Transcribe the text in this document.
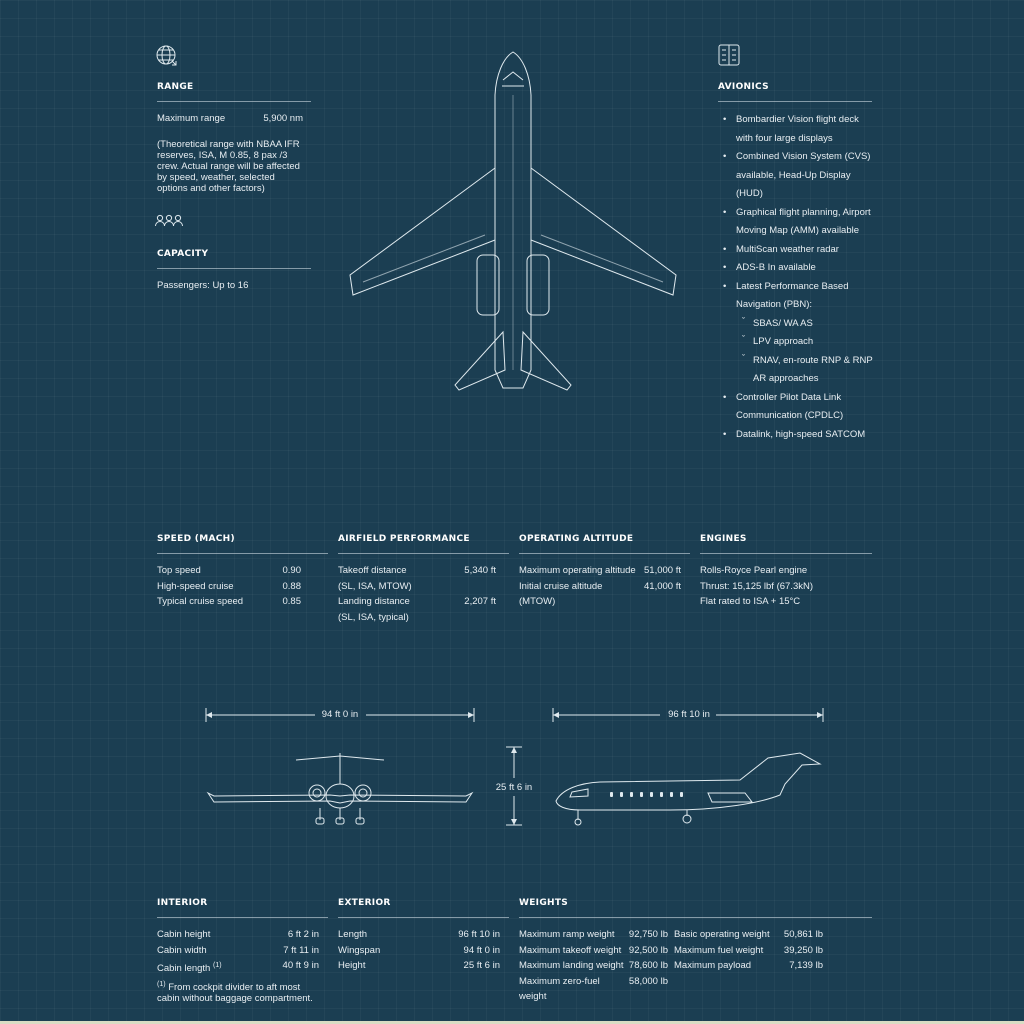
RANGE
Maximum range	5,900 nm
(Theoretical range with NBAA IFR reserves, ISA, M 0.85, 8 pax /3 crew. Actual range will be affected by speed, weather, selected options and other factors)
CAPACITY
Passengers: Up to 16
AVIONICS
• Bombardier Vision flight deck with four large displays
• Combined Vision System (CVS) available, Head-Up Display (HUD)
• Graphical flight planning, Airport Moving Map (AMM) available
• MultiScan weather radar
• ADS-B In available
• Latest Performance Based Navigation (PBN):
ˇ SBAS/ WA AS
ˇ LPV approach
ˇ RNAV, en-route RNP & RNP AR approaches
• Controller Pilot Data Link Communication (CPDLC)
• Datalink, high-speed SATCOM
SPEED (MACH)
Top speed	0.90
High-speed cruise	0.88
Typical cruise speed	0.85
AIRFIELD PERFORMANCE
Takeoff distance	5,340 ft
(SL, ISA, MTOW)
Landing distance	2,207 ft
(SL, ISA, typical)
OPERATING ALTITUDE
Maximum operating altitude 51,000 ft
Initial cruise altitude	41,000 ft
(MTOW)
ENGINES
Rolls-Royce Pearl engine
Thrust: 15,125 lbf (67.3kN)
Flat rated to ISA + 15°C
94 ft 0 in	96 ft 10 in
25 ft 6 in
INTERIOR
Cabin height	6 ft 2 in
Cabin width	7 ft 11 in
Cabin length $^{(1)}$	40 ft 9 in
$^{(1)}$ From cockpit divider to aft most cabin without baggage compartment.
EXTERIOR
Length	96 ft 10 in
Wingspan	94 ft 0 in
Height	25 ft 6 in
WEIGHTS
Maximum ramp weight 92,750 lb
Maximum takeoff weight 92,500 lb
Maximum landing weight 78,600 lb
Maximum zero-fuel	58,000 lb
weight
Basic operating weight 50,861 lb
Maximum fuel weight 39,250 lb
Maximum payload	7,139 lb
